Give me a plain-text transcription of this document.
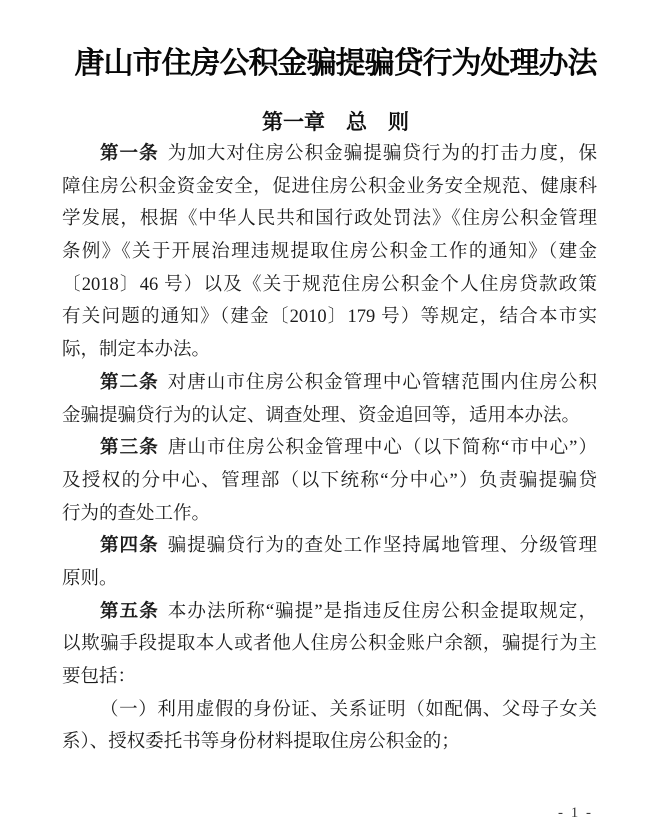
唐山市住房公积金骗提骗贷行为处理办法
第一章　总　则
第一条 为加大对住房公积金骗提骗贷行为的打击力度，保
障住房公积金资金安全，促进住房公积金业务安全规范、健康科
学发展，根据《中华人民共和国行政处罚法》《住房公积金管理
条例》《关于开展治理违规提取住房公积金工作的通知》（建金
〔2018〕46 号）以及《关于规范住房公积金个人住房贷款政策
有关问题的通知》（建金〔2010〕179 号）等规定，结合本市实
际，制定本办法。
第二条 对唐山市住房公积金管理中心管辖范围内住房公积
金骗提骗贷行为的认定、调查处理、资金追回等，适用本办法。
第三条 唐山市住房公积金管理中心（以下简称“市中心”）
及授权的分中心、管理部（以下统称“分中心”）负责骗提骗贷
行为的查处工作。
第四条 骗提骗贷行为的查处工作坚持属地管理、分级管理
原则。
第五条 本办法所称“骗提”是指违反住房公积金提取规定，
以欺骗手段提取本人或者他人住房公积金账户余额，骗提行为主
要包括：
（一）利用虚假的身份证、关系证明（如配偶、父母子女关
系）、授权委托书等身份材料提取住房公积金的；
- 1 -
